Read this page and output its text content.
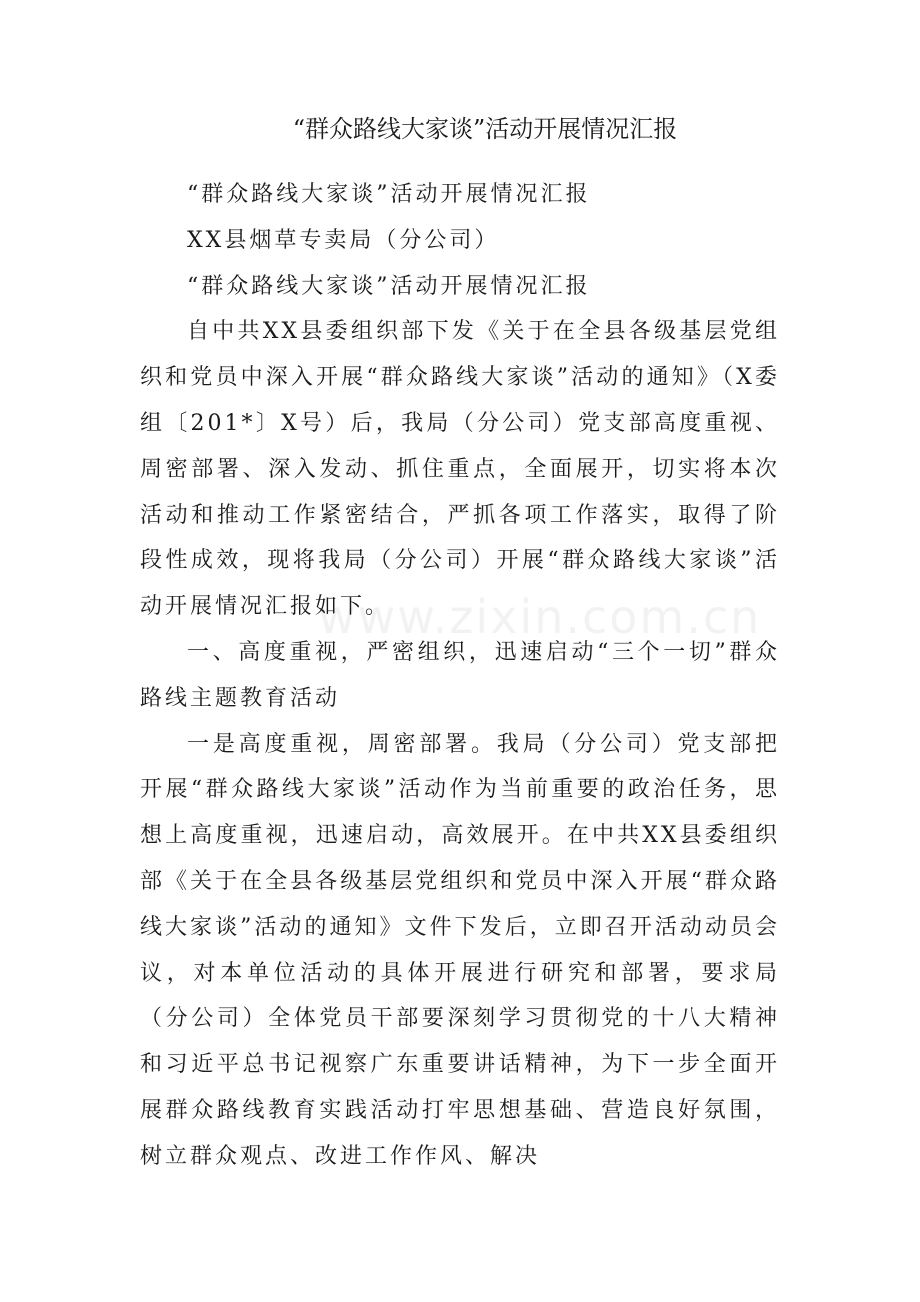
“群众路线大家谈”活动开展情况汇报

“群众路线大家谈”活动开展情况汇报

XX县烟草专卖局（分公司）

“群众路线大家谈”活动开展情况汇报

自中共XX县委组织部下发《关于在全县各级基层党组织和党员中深入开展“群众路线大家谈”活动的通知》（X委组〔201*〕X号）后，我局（分公司）党支部高度重视、周密部署、深入发动、抓住重点，全面展开，切实将本次活动和推动工作紧密结合，严抓各项工作落实，取得了阶段性成效，现将我局（分公司）开展“群众路线大家谈”活动开展情况汇报如下。

一、高度重视，严密组织，迅速启动“三个一切”群众路线主题教育活动

一是高度重视，周密部署。我局（分公司）党支部把开展“群众路线大家谈”活动作为当前重要的政治任务，思想上高度重视，迅速启动，高效展开。在中共XX县委组织部《关于在全县各级基层党组织和党员中深入开展“群众路线大家谈”活动的通知》文件下发后，立即召开活动动员会议，对本单位活动的具体开展进行研究和部署，要求局（分公司）全体党员干部要深刻学习贯彻党的十八大精神和习近平总书记视察广东重要讲话精神，为下一步全面开展群众路线教育实践活动打牢思想基础、营造良好氛围，树立群众观点、改进工作作风、解决

www.zixin.com.cn
